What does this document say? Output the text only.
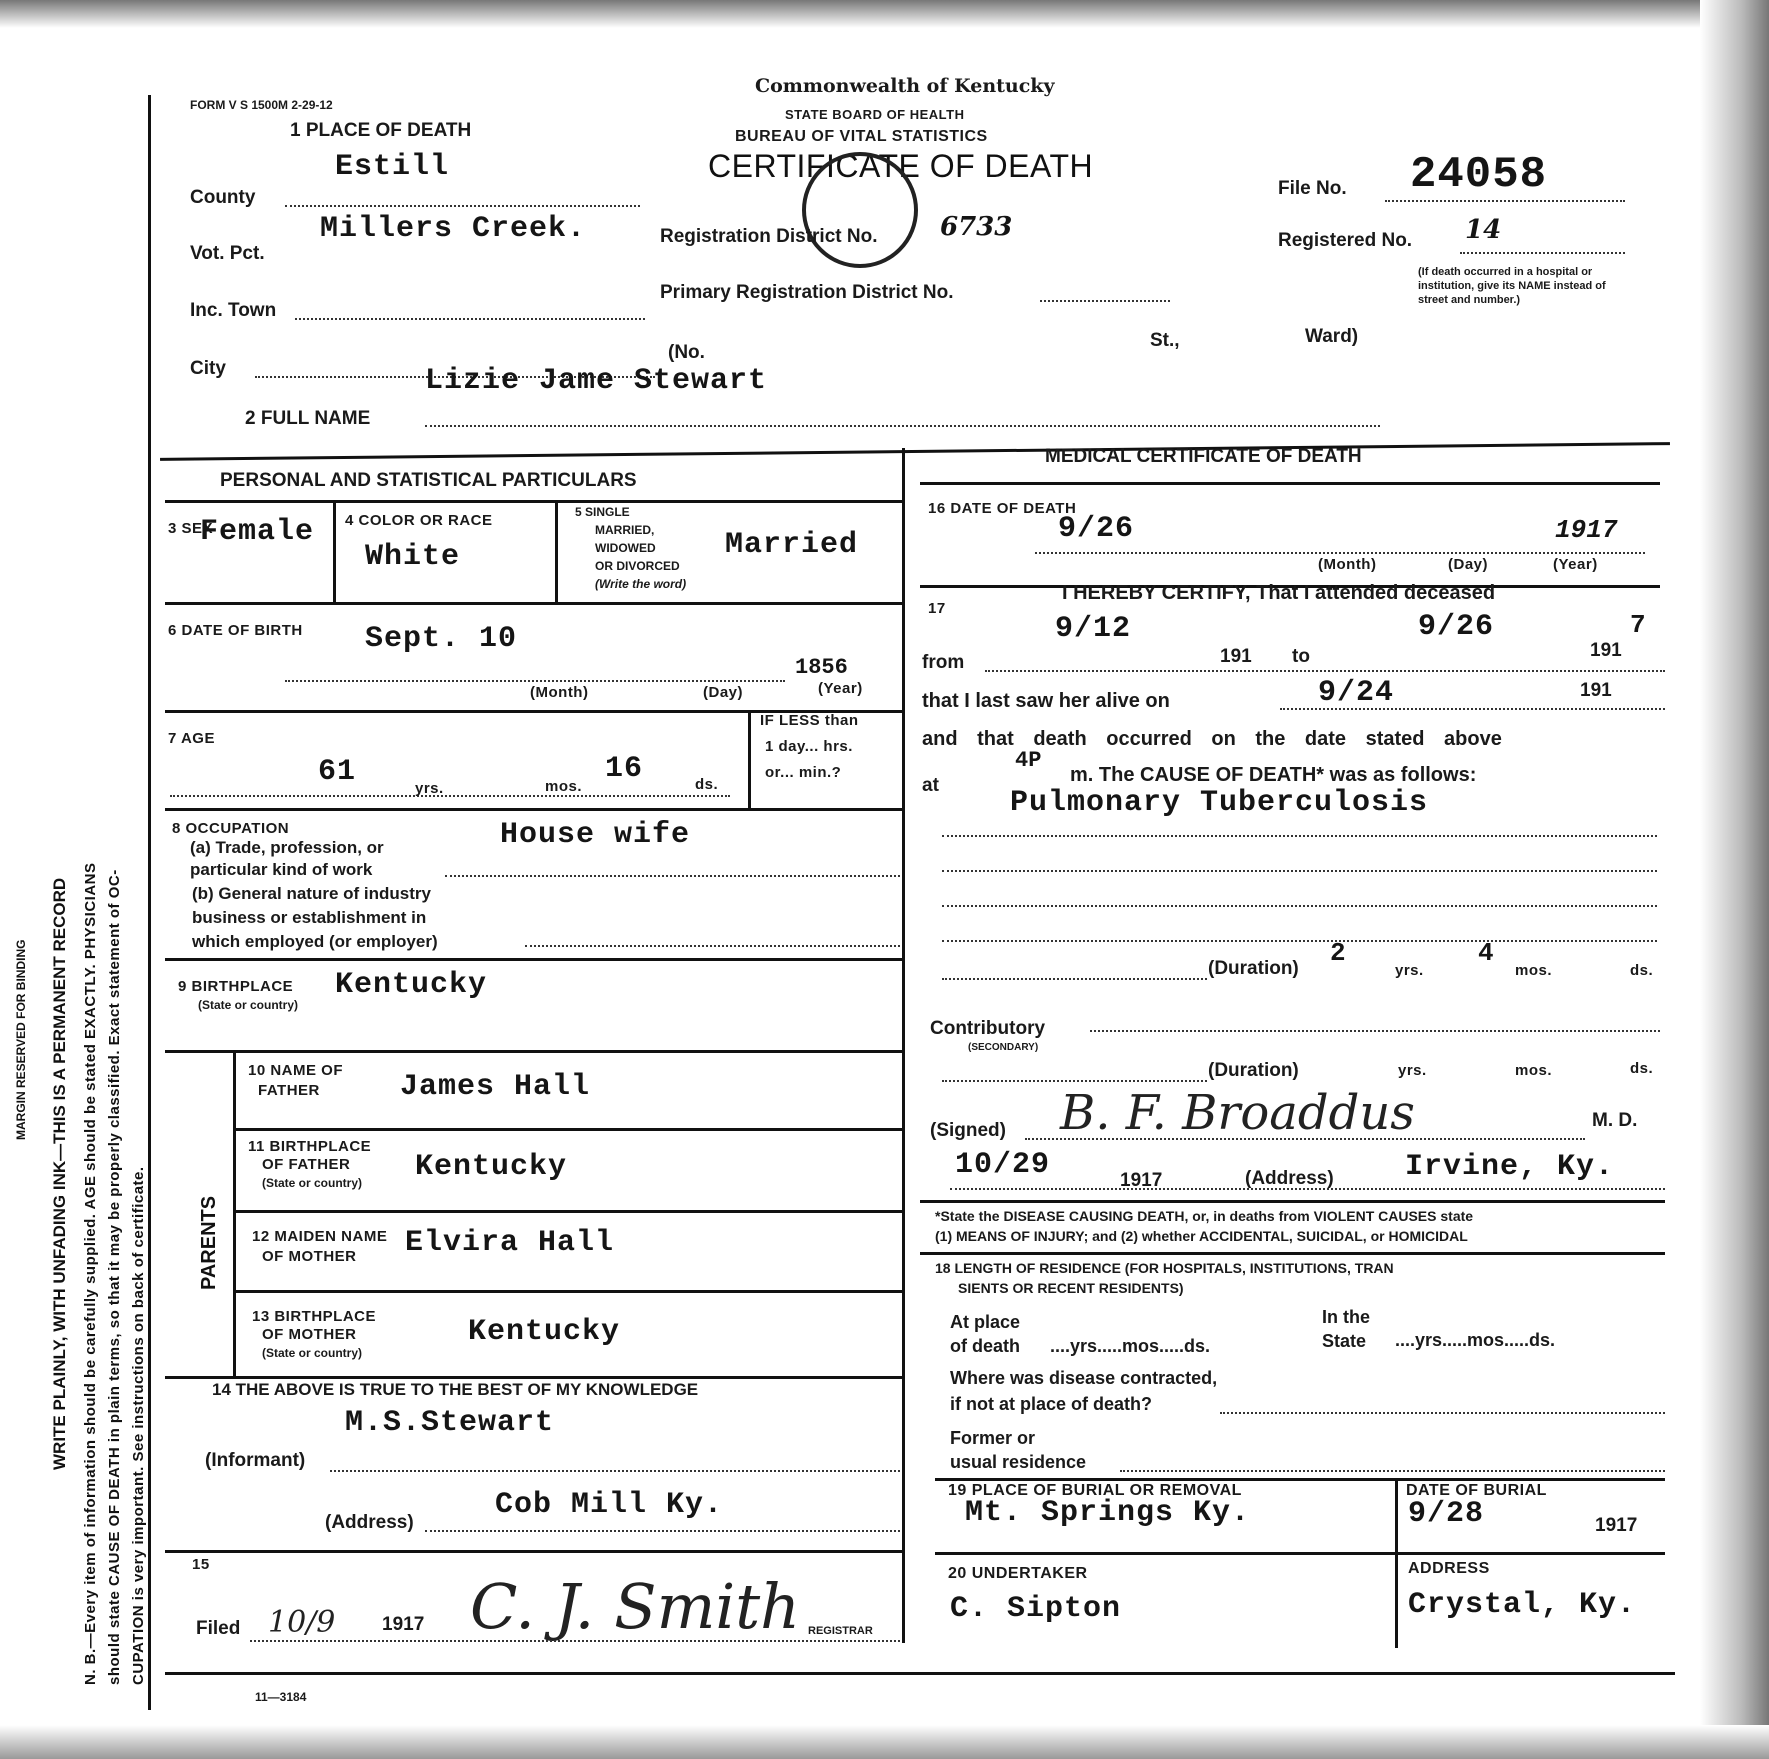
MARGIN RESERVED FOR BINDING WRITE PLAINLY, WITH UNFADING INK—THIS IS A PERMANENT RECORD N. B.—Every item of information should be carefully supplied. AGE should be stated EXACTLY. PHYSICIANS should state CAUSE OF DEATH in plain terms, so that it may be properly classified. Exact statement of OC- CUPATION is very important. See instructions on back of certificate.
FORM V S 1500M 2-29-12
Commonwealth of Kentucky
STATE BOARD OF HEALTH
BUREAU OF VITAL STATISTICS
CERTIFICATE OF DEATH
1 PLACE OF DEATH
File No. 24058
Registered No. 14
(If death occurred in a hospital or institution, give its NAME instead of street and number.)
County
Estill
Vot. Pct.
Millers Creek.	Registration District No. 6733
Inc. Town
Primary Registration District No.
City
(No.
St.,	Ward)
Lizie Jame Stewart
2 FULL NAME
PERSONAL AND STATISTICAL PARTICULARS
3 SEX
Female 4 COLOR OR RACE
White
5 SINGLE
MARRIED,
WIDOWED
OR DIVORCED
(Write the word)
Married
6 DATE OF BIRTH Sept. 10
1856
(Month)	(Day)	(Year)
7 AGE
61	16
yrs.	mos.	ds.
IF LESS than
1 day... hrs.
or... min.?
8 OCCUPATION
(a) Trade, profession, or
particular kind of work
House wife
(b) General nature of industry
business or establishment in
which employed (or employer)
9 BIRTHPLACE
(State or country)
Kentucky
PARENTS
10 NAME OF
FATHER	James Hall
11 BIRTHPLACE
OF FATHER
(State or country) Kentucky
12 MAIDEN NAME
OF MOTHER Elvira Hall
13 BIRTHPLACE
OF MOTHER
(State or country)
Kentucky
14 THE ABOVE IS TRUE TO THE BEST OF MY KNOWLEDGE
M.S.Stewart
(Informant)
Cob Mill Ky.
(Address)
15
Filed 10/9 1917 C. J. Smith REGISTRAR
11—3184
MEDICAL CERTIFICATE OF DEATH
16 DATE OF DEATH
9/26	1917
(Month)	(Day)	(Year)
17
I HEREBY CERTIFY, That I attended deceased
from
9/12
191 to
9/26
191
7
that I last saw her alive on	9/24	191
and that death occurred on the date stated above
at
4P
m. The CAUSE OF DEATH* was as follows:
Pulmonary Tuberculosis
(Duration)
2
yrs.
4
mos.	ds.
Contributory
(SECONDARY)
(Duration)	yrs.	mos.	ds.
(Signed) B. F. Broaddus	M. D.
10/29	1917	(Address) Irvine, Ky.
*State the DISEASE CAUSING DEATH, or, in deaths from VIOLENT CAUSES state
(1) MEANS OF INJURY; and (2) whether ACCIDENTAL, SUICIDAL, or HOMICIDAL
18 LENGTH OF RESIDENCE (FOR HOSPITALS, INSTITUTIONS, TRAN
SIENTS OR RECENT RESIDENTS)
At place
of death ....yrs.....mos.....ds.
In the State	....yrs.....mos.....ds.
Where was disease contracted,
if not at place of death?
Former or
usual residence
19 PLACE OF BURIAL OR REMOVAL
Mt. Springs Ky.
DATE OF BURIAL
9/28	1917
20 UNDERTAKER
C. Sipton
ADDRESS
Crystal, Ky.
